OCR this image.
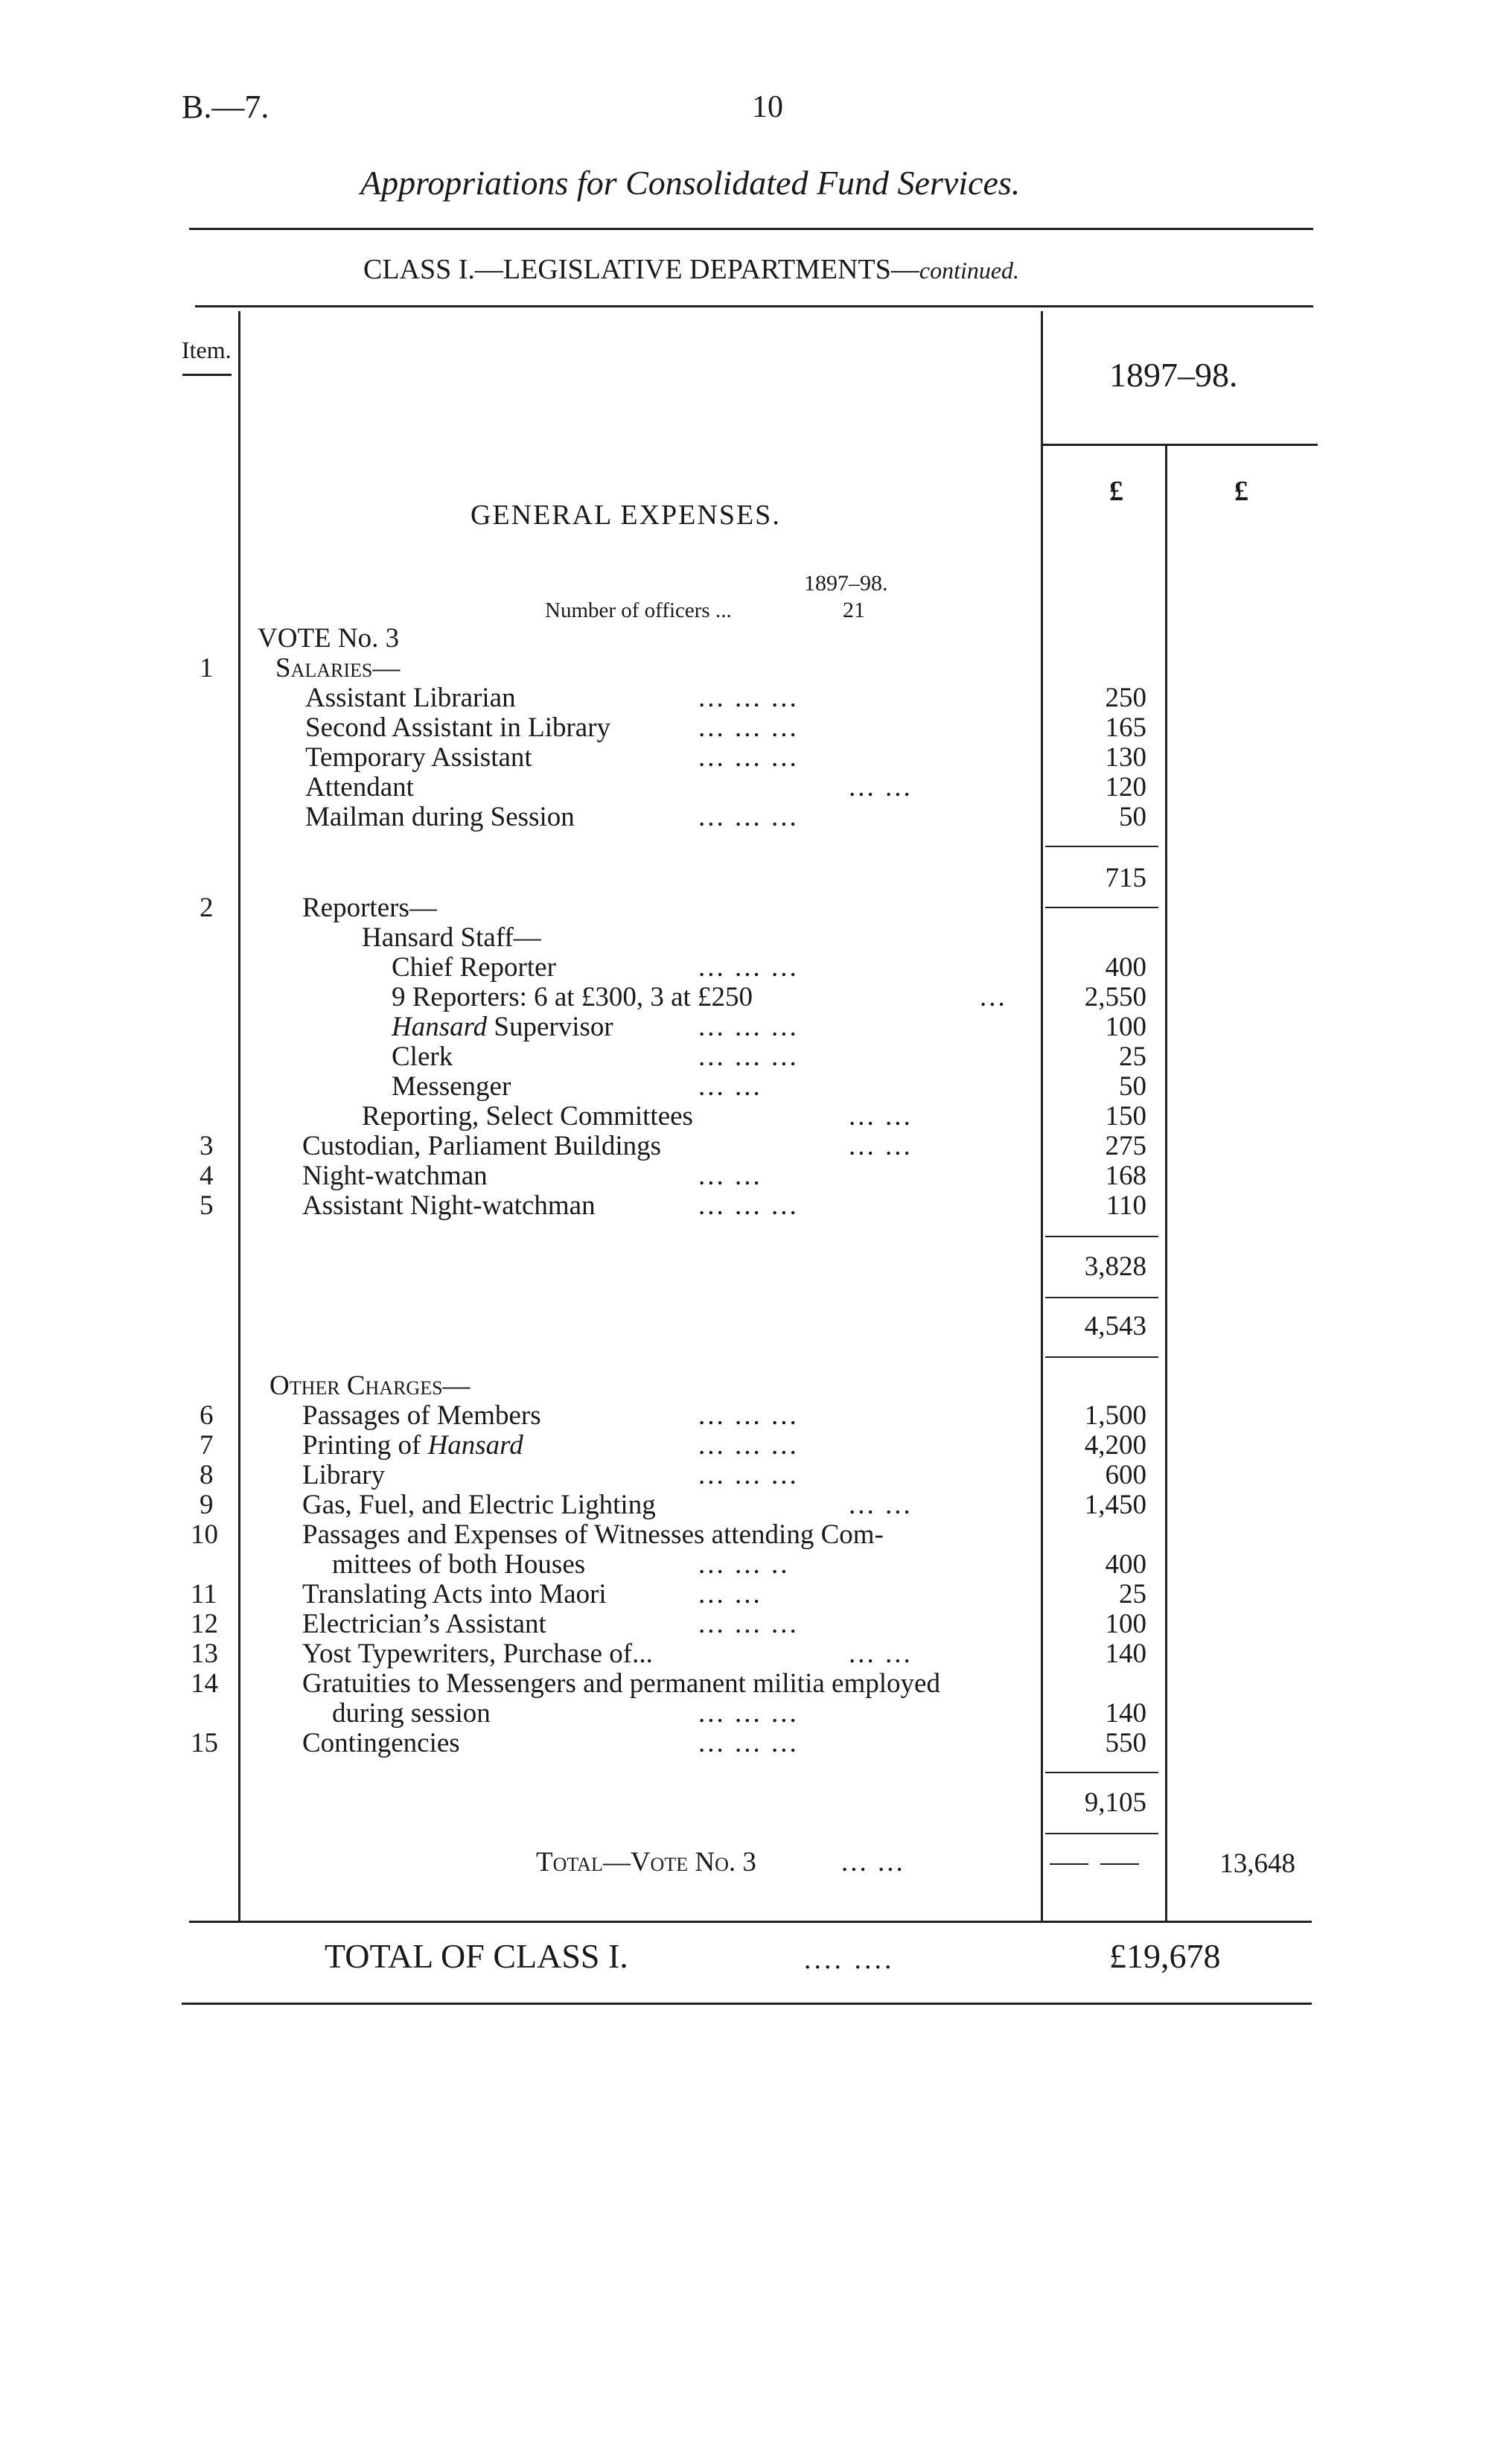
B.—7.	10
Appropriations for Consolidated Fund Services.
CLASS I.—LEGISLATIVE DEPARTMENTS—continued.
Item.
1897–98.
£	£
GENERAL EXPENSES.
1897–98.
Number of officers ...	21
VOTE No. 3
1	Salaries—
Assistant Librarian	... ... ...	250
Second Assistant in Library	... ... ...	165
Temporary Assistant	... ... ...	130
Attendant	... ...	120
Mailman during Session	... ... ...	50
715
2	Reporters—
Hansard Staff—
Chief Reporter	... ... ...	400
9 Reporters: 6 at £300, 3 at £250	...	2,550
Hansard Supervisor	... ... ...	100
Clerk	... ... ...	25
Messenger	... ...	50
Reporting, Select Committees	... ...	150
3	Custodian, Parliament Buildings	... ...	275
4	Night-watchman	... ...	168
5	Assistant Night-watchman	... ... ...	110
3,828
4,543
Other Charges—
6	Passages of Members	... ... ...	1,500
7	Printing of Hansard	... ... ...	4,200
8	Library	... ... ...	600
9	Gas, Fuel, and Electric Lighting	... ...	1,450
10	Passages and Expenses of Witnesses attending Com-
mittees of both Houses	... ... ..	400
11	Translating Acts into Maori	... ...	25
12	Electrician’s Assistant	... ... ...	100
13	Yost Typewriters, Purchase of...	... ...	140
14	Gratuities to Messengers and permanent militia employed
during session	... ... ...	140
15	Contingencies	... ... ...	550
9,105
Total—Vote No. 3	... ...	13,648
TOTAL OF CLASS I.	.... ....	£19,678
